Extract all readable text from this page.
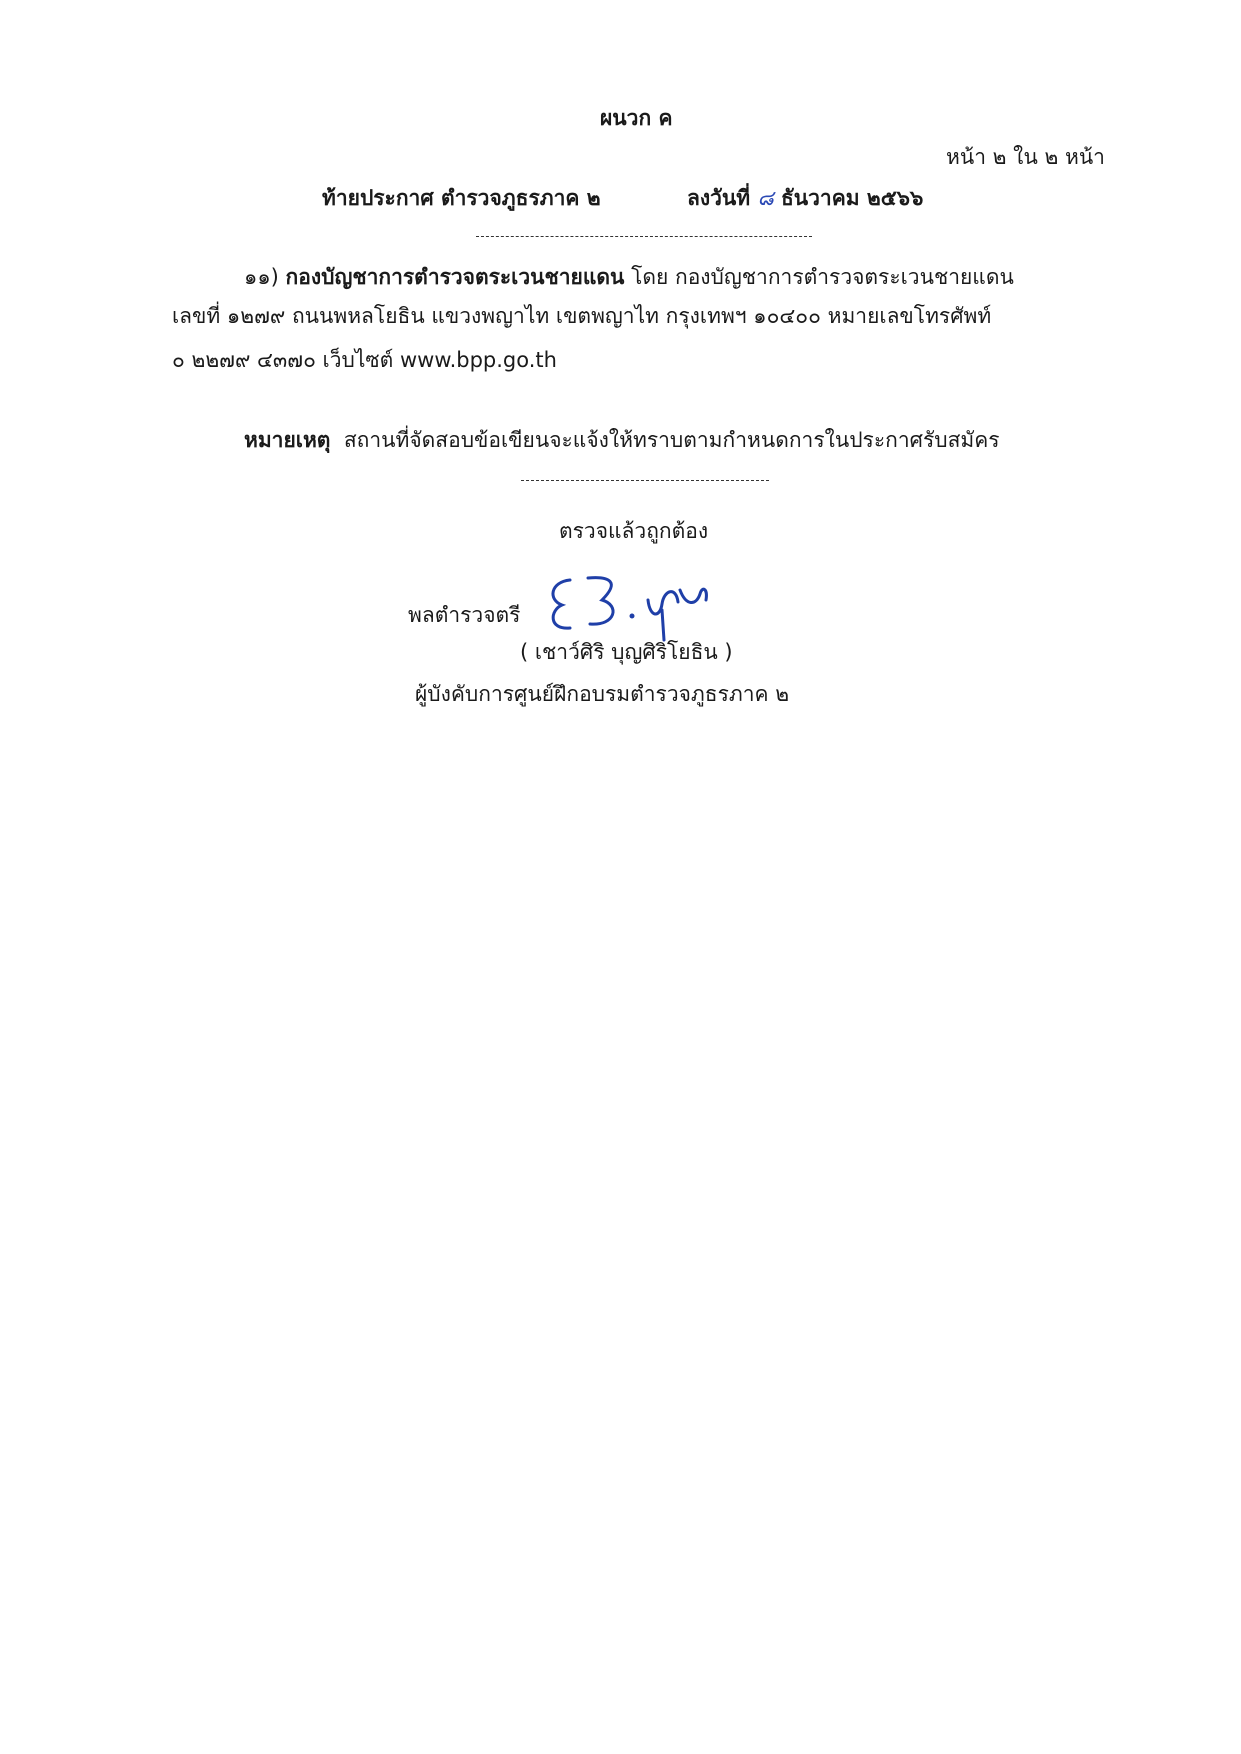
ผนวก ค
หน้า ๒ ใน ๒ หน้า
ท้ายประกาศ ตำรวจภูธรภาค ๒	ลงวันที่ ๘ ธันวาคม ๒๕๖๖
๑๑) กองบัญชาการตำรวจตระเวนชายแดน โดย กองบัญชาการตำรวจตระเวนชายแดน
เลขที่ ๑๒๗๙ ถนนพหลโยธิน แขวงพญาไท เขตพญาไท กรุงเทพฯ ๑๐๔๐๐ หมายเลขโทรศัพท์
๐ ๒๒๗๙ ๔๓๗๐ เว็บไซต์ www.bpp.go.th
หมายเหตุ สถานที่จัดสอบข้อเขียนจะแจ้งให้ทราบตามกำหนดการในประกาศรับสมัคร
ตรวจแล้วถูกต้อง
พลตำรวจตรี
( เชาว์ศิริ บุญศิริโยธิน )
ผู้บังคับการศูนย์ฝึกอบรมตำรวจภูธรภาค ๒
